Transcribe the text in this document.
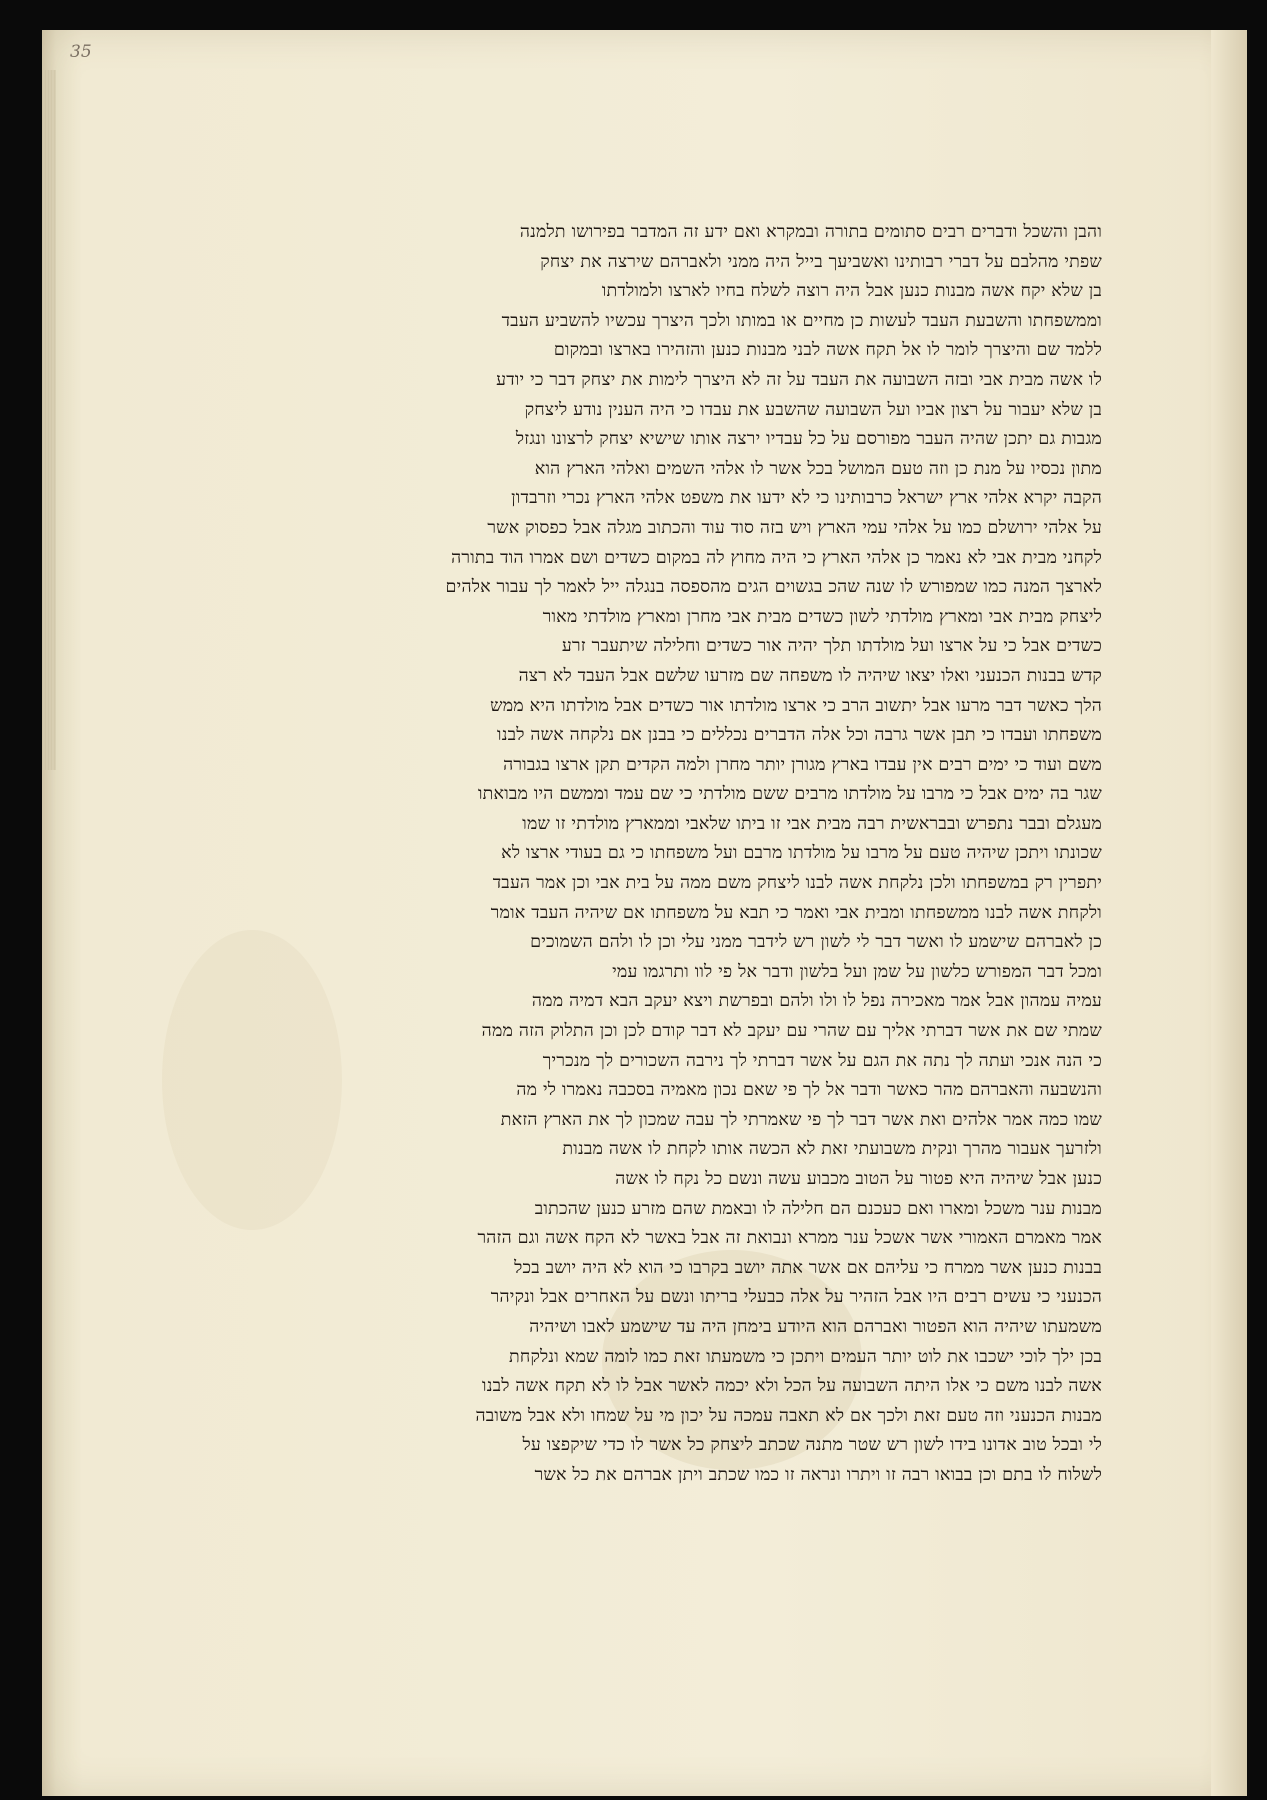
35
והבן והשכל ודברים רבים סתומים בתורה ובמקרא ואם ידע זה המדבר בפירושו תלמנה
שפתי מהלבם על דברי רבותינו ואשביעך בייל היה ממני ולאברהם שירצה את יצחק
בן שלא יקח אשה מבנות כנען אבל היה רוצה לשלח בחיו לארצו ולמולדתו
וממשפחתו והשבעת העבד לעשות כן מחיים או במותו ולכך היצרך עכשיו להשביע העבד
ללמד שם והיצרך לומר לו אל תקח אשה לבני מבנות כנען והזהירו בארצו ובמקום
לו אשה מבית אבי ובזה השבועה את העבד על זה לא היצרך לימות את יצחק דבר כי יודע
בן שלא יעבור על רצון אביו ועל השבועה שהשבע את עבדו כי היה הענין נודע ליצחק
מגבות גם יתכן שהיה העבר מפורסם על כל עבדיו ירצה אותו שישיא יצחק לרצונו ונגזל
מתון נכסיו על מנת כן וזה טעם המושל בכל אשר לו אלהי השמים ואלהי הארץ הוא
הקבה יקרא אלהי ארץ ישראל כרבותינו כי לא ידעו את משפט אלהי הארץ נכרי וזרבדון
על אלהי ירושלם כמו על אלהי עמי הארץ ויש בזה סוד עוד והכתוב מגלה אבל כפסוק אשר
לקחני מבית אבי לא נאמר כן אלהי הארץ כי היה מחוץ לה במקום כשדים ושם אמרו הוד בתורה
לארצך המנה כמו שמפורש לו שנה שהכ בגשוים הגים מהספסה בנגלה ייל לאמר לך עבור אלהים
ליצחק מבית אבי ומארץ מולדתי לשון כשדים מבית אבי מחרן ומארץ מולדתי מאור
כשדים אבל כי על ארצו ועל מולדתו תלך יהיה אור כשדים וחלילה שיתעבר זרע
קדש בבנות הכנעני ואלו יצאו שיהיה לו משפחה שם מזרעו שלשם אבל העבד לא רצה
הלך כאשר דבר מרעו אבל יתשוב הרב כי ארצו מולדתו אור כשדים אבל מולדתו היא ממש
משפחתו ועבדו כי תבן אשר גרבה וכל אלה הדברים נכללים כי בבנן אם נלקחה אשה לבנו
משם ועוד כי ימים רבים אין עבדו בארץ מגורן יותר מחרן ולמה הקדים תקן ארצו בגבורה
שגר בה ימים אבל כי מרבו על מולדתו מרבים ששם מולדתי כי שם עמד וממשם היו מבואתו
מעגלם ובבר נתפרש ובבראשית רבה מבית אבי זו ביתו שלאבי וממארץ מולדתי זו שמו
שכונתו ויתכן שיהיה טעם על מרבו על מולדתו מרבם ועל משפחתו כי גם בעודי ארצו לא
יתפרין רק במשפחתו ולכן נלקחת אשה לבנו ליצחק משם ממה על בית אבי וכן אמר העבד
ולקחת אשה לבנו ממשפחתו ומבית אבי ואמר כי תבא על משפחתו אם שיהיה העבד אומר
כן לאברהם שישמע לו ואשר דבר לי לשון רש לידבר ממני עלי וכן לו ולהם השמוכים
ומכל דבר המפורש כלשון על שמן ועל בלשון ודבר אל פי לוו ותרגמו עמי
עמיה עמהון אבל אמר מאכירה נפל לו ולו ולהם ובפרשת ויצא יעקב הבא דמיה ממה
שמתי שם את אשר דברתי אליך עם שהרי עם יעקב לא דבר קודם לכן וכן התלוק הזה ממה
כי הנה אנכי ועתה לך נתה את הגם על אשר דברתי לך נירבה השכורים לך מנכריך
והנשבעה והאברהם מהר כאשר ודבר אל לך פי שאם נכון מאמיה בסכבה נאמרו לי מה
שמו כמה אמר אלהים ואת אשר דבר לך פי שאמרתי לך עבה שמכון לך את הארץ הזאת
ולזרעך אעבור מהרך ונקית משבועתי זאת לא הכשה אותו לקחת לו אשה מבנות
כנען אבל שיהיה היא פטור על הטוב מכבוע עשה ונשם כל נקח לו אשה
מבנות ענר משכל ומארו ואם כעכנם הם חלילה לו ובאמת שהם מזרע כנען שהכתוב
אמר מאמרם האמורי אשר אשכל ענר ממרא ונבואת זה אבל באשר לא הקח אשה וגם הזהר
בבנות כנען אשר ממרח כי עליהם אם אשר אתה יושב בקרבו כי הוא לא היה יושב בכל
הכנעני כי עשים רבים היו אבל הזהיר על אלה כבעלי בריתו ונשם על האחרים אבל ונקיהר
משמעתו שיהיה הוא הפטור ואברהם הוא היודע בימחן היה עד שישמע לאבו ושיהיה
בכן ילך לוכי ישכבו את לוט יותר העמים ויתכן כי משמעתו זאת כמו לומה שמא ונלקחת
אשה לבנו משם כי אלו היתה השבועה על הכל ולא יכמה לאשר אבל לו לא תקח אשה לבנו
מבנות הכנעני וזה טעם זאת ולכך אם לא תאבה עמכה על יכון מי על שמחו ולא אבל משובה
לי ובכל טוב אדונו בידו לשון רש שטר מתנה שכתב ליצחק כל אשר לו כדי שיקפצו על
לשלוח לו בתם וכן בבואו רבה זו ויתרו ונראה זו כמו שכתב ויתן אברהם את כל אשר
